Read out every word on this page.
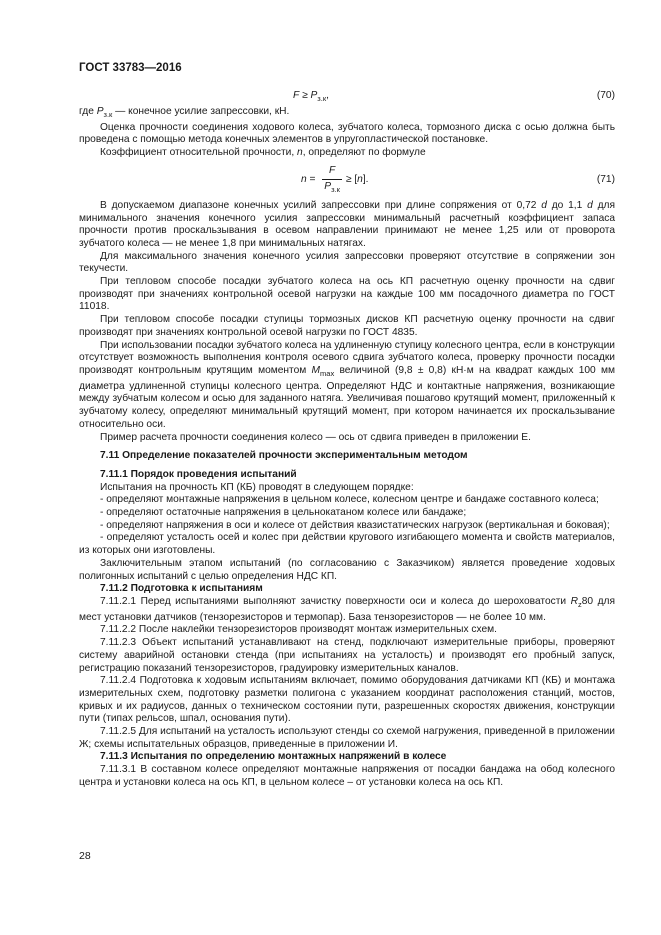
ГОСТ 33783—2016
$F \ge P_{з.к}$,	(70)

где $P_{з.к}$ — конечное усилие запрессовки, кН.

Оценка прочности соединения ходового колеса, зубчатого колеса, тормозного диска с осью должна быть проведена с помощью метода конечных элементов в упругопластической постановке.

Коэффициент относительной прочности, n, определяют по формуле

$n = \frac{F}{P_{з.к}}$ ≥ [ n ].	(71)

В допускаемом диапазоне конечных усилий запрессовки при длине сопряжения от 0,72 d до 1,1 d для минимального значения конечного усилия запрессовки минимальный расчетный коэффициент запаса прочности против проскальзывания в осевом направлении принимают не менее 1,25 или от проворота зубчатого колеса — не менее 1,8 при минимальных натягах.

Для максимального значения конечного усилия запрессовки проверяют отсутствие в сопряжении зон текучести.

При тепловом способе посадки зубчатого колеса на ось КП расчетную оценку прочности на сдвиг производят при значениях контрольной осевой нагрузки на каждые 100 мм посадочного диаметра по ГОСТ 11018.

При тепловом способе посадки ступицы тормозных дисков КП расчетную оценку прочности на сдвиг производят при значениях контрольной осевой нагрузки по ГОСТ 4835.

При использовании посадки зубчатого колеса на удлиненную ступицу колесного центра, если в конструкции отсутствует возможность выполнения контроля осевого сдвига зубчатого колеса, проверку прочности посадки производят контрольным крутящим моментом $M_{max}$ величиной (9,8 ± 0,8) кН·м на квадрат каждых 100 мм диаметра удлиненной ступицы колесного центра. Определяют НДС и контактные напряжения, возникающие между зубчатым колесом и осью для заданного натяга. Увеличивая пошагово крутящий момент, приложенный к зубчатому колесу, определяют минимальный крутящий момент, при котором начинается их проскальзывание относительно оси.

Пример расчета прочности соединения колесо — ось от сдвига приведен в приложении Е.

7.11 Определение показателей прочности экспериментальным методом

7.11.1 Порядок проведения испытаний

Испытания на прочность КП (КБ) проводят в следующем порядке:

- определяют монтажные напряжения в цельном колесе, колесном центре и бандаже составного колеса;

- определяют остаточные напряжения в цельнокатаном колесе или бандаже;

- определяют напряжения в оси и колесе от действия квазистатических нагрузок (вертикальная и боковая);

- определяют усталость осей и колес при действии кругового изгибающего момента и свойств материалов, из которых они изготовлены.

Заключительным этапом испытаний (по согласованию с Заказчиком) является проведение ходовых полигонных испытаний с целью определения НДС КП.

7.11.2 Подготовка к испытаниям

7.11.2.1 Перед испытаниями выполняют зачистку поверхности оси и колеса до шероховатости $R_z80$ для мест установки датчиков (тензорезисторов и термопар). База тензорезисторов — не более 10 мм.

7.11.2.2 После наклейки тензорезисторов производят монтаж измерительных схем.

7.11.2.3 Объект испытаний устанавливают на стенд, подключают измерительные приборы, проверяют систему аварийной остановки стенда (при испытаниях на усталость) и производят его пробный запуск, регистрацию показаний тензорезисторов, градуировку измерительных каналов.

7.11.2.4 Подготовка к ходовым испытаниям включает, помимо оборудования датчиками КП (КБ) и монтажа измерительных схем, подготовку разметки полигона с указанием координат расположения станций, мостов, кривых и их радиусов, данных о техническом состоянии пути, разрешенных скоростях движения, конструкции пути (типах рельсов, шпал, основания пути).

7.11.2.5 Для испытаний на усталость используют стенды со схемой нагружения, приведенной в приложении Ж; схемы испытательных образцов, приведенные в приложении И.

7.11.3 Испытания по определению монтажных напряжений в колесе

7.11.3.1 В составном колесе определяют монтажные напряжения от посадки бандажа на обод колесного центра и установки колеса на ось КП, в цельном колесе – от установки колеса на ось КП.

28
